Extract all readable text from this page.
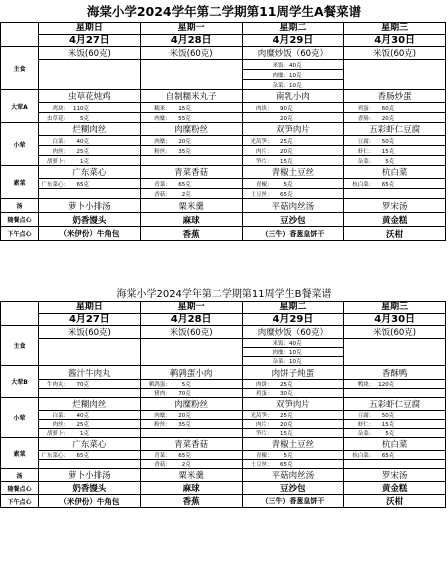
海棠小学2024学年第二学期第11周学生A餐菜谱
	星期日	星期一	星期二	星期三
	4月27日	4月28日	4月29日	4月30日
主食	米饭(60克)	米饭(60克)	肉糜炒饭（60克）	米饭(60克)
			米饭：40克	
			肉糜：10克	
			杂菜：10克	
大荤A	虫草花炖鸡	自制糯米丸子	南乳小肉	香肠炒蛋
	鸡块： 110克	糯米： 15克	肉块： 90克	鸡蛋： 60克
	虫草花： 5克	肉糜： 55克	20克	香肠： 20克
小荤	烂糊肉丝	肉糜粉丝	双笋肉片	五彩虾仁豆腐
	白菜： 40克	肉糜： 20克	光莴笋： 25克	豆腐： 50克
	肉丝： 25克	粉丝： 35克	肉片： 20克	虾仁： 15克
	胡萝卜： 1克		笋片： 15克	杂菜： 5克
素菜	广东菜心	青菜香菇	青椒土豆丝	杭白菜
	广东菜心： 65克	青菜： 65克	青椒： 5克	杭白菜： 65克
		香菇： 2克	土豆丝： 65克	
汤	萝卜小排汤	粟米羹	平菇肉丝汤	罗宋汤
随餐点心	奶香馒头	麻球	豆沙包	黄金糕
下午点心	（米伊份）牛角包	香蕉	（三牛）香葱皇饼干	沃柑
海棠小学2024学年第二学期第11周学生B餐菜谱
	星期日	星期一	星期二	星期三
	4月27日	4月28日	4月29日	4月30日
主食	米饭(60克)	米饭(60克)	肉糜炒饭（60克）	米饭(60克)
			米饭：40克	
			肉糜：10克	
			杂菜：10克	
大荤B	酱汁牛肉丸	鹌鹑蛋小肉	肉饼子炖蛋	香酥鸭
	牛肉丸： 70克	鹌鹑蛋： 5克	肉饼： 25克	鸭块： 120克
		猪肉： 70克	鸡蛋： 30克	
小荤	烂糊肉丝	肉糜粉丝	双笋肉片	五彩虾仁豆腐
	白菜： 40克	肉糜： 20克	光莴笋： 25克	豆腐： 50克
	肉丝： 25克	粉丝： 35克	肉片： 20克	虾仁： 15克
	胡萝卜： 1克		笋片： 15克	杂菜： 5克
素菜	广东菜心	青菜香菇	青椒土豆丝	杭白菜
	广东菜心： 65克	青菜： 65克	青椒： 5克	杭白菜： 65克
		香菇： 2克	土豆丝： 65克	
汤	萝卜小排汤	粟米羹	平菇肉丝汤	罗宋汤
随餐点心	奶香馒头	麻球	豆沙包	黄金糕
下午点心	（米伊份）牛角包	香蕉	（三牛）香葱皇饼干	沃柑
